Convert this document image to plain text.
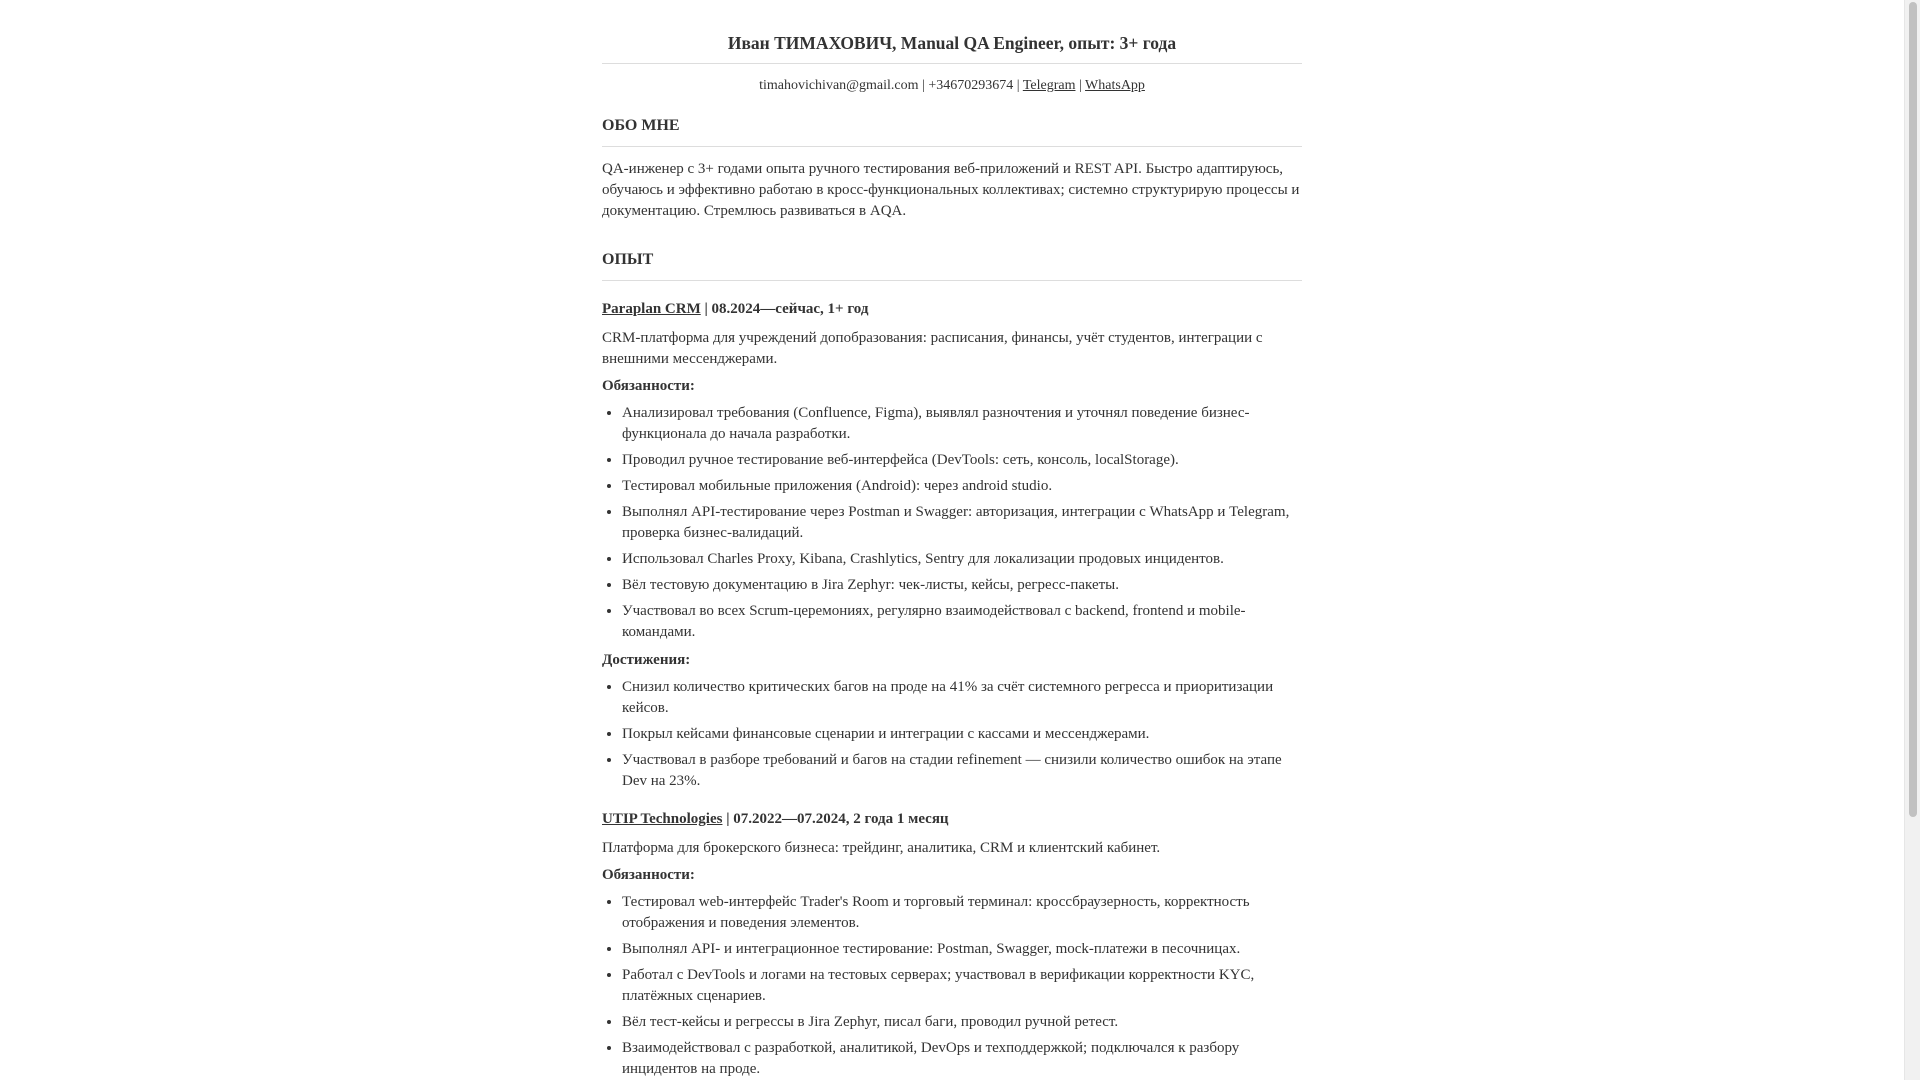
Иван ТИМАХОВИЧ, Manual QA Engineer, опыт: 3+ года
timahovichivan@gmail.com | +34670293674 | Telegram | WhatsApp
ОБО МНЕ

QA-инженер с 3+ годами опыта ручного тестирования веб-приложений и REST API. Быстро адаптируюсь, обучаюсь и эффективно работаю в кросс-функциональных коллективах; системно структурирую процессы и документацию. Стремлюсь развиваться в AQA.

ОПЫТ

Paraplan CRM | 08.2024—сейчас, 1+ год

CRM-платформа для учреждений допобразования: расписания, финансы, учёт студентов, интеграции с внешними мессенджерами.

Обязанности:

• Анализировал требования (Confluence, Figma), выявлял разночтения и уточнял поведение бизнес-функционала до начала разработки.
• Проводил ручное тестирование веб-интерфейса (DevTools: сеть, консоль, localStorage).
• Тестировал мобильные приложения (Android): через android studio.
• Выполнял API-тестирование через Postman и Swagger: авторизация, интеграции с WhatsApp и Telegram, проверка бизнес-валидаций.
• Использовал Charles Proxy, Kibana, Crashlytics, Sentry для локализации продовых инцидентов.
• Вёл тестовую документацию в Jira Zephyr: чек-листы, кейсы, регресс-пакеты.
• Участвовал во всех Scrum-церемониях, регулярно взаимодействовал с backend, frontend и mobile-командами.

Достижения:

• Снизил количество критических багов на проде на 41% за счёт системного регресса и приоритизации кейсов.
• Покрыл кейсами финансовые сценарии и интеграции с кассами и мессенджерами.
• Участвовал в разборе требований и багов на стадии refinement — снизили количество ошибок на этапе Dev на 23%.

UTIP Technologies | 07.2022—07.2024, 2 года 1 месяц

Платформа для брокерского бизнеса: трейдинг, аналитика, CRM и клиентский кабинет.

Обязанности:

• Тестировал web-интерфейс Trader's Room и торговый терминал: кроссбраузерность, корректность отображения и поведения элементов.
• Выполнял API- и интеграционное тестирование: Postman, Swagger, mock-платежи в песочницах.
• Работал с DevTools и логами на тестовых серверах; участвовал в верификации корректности KYC, платёжных сценариев.
• Вёл тест-кейсы и регрессы в Jira Zephyr, писал баги, проводил ручной ретест.
• Взаимодействовал с разработкой, аналитикой, DevOps и техподдержкой; подключался к разбору инцидентов на проде.
